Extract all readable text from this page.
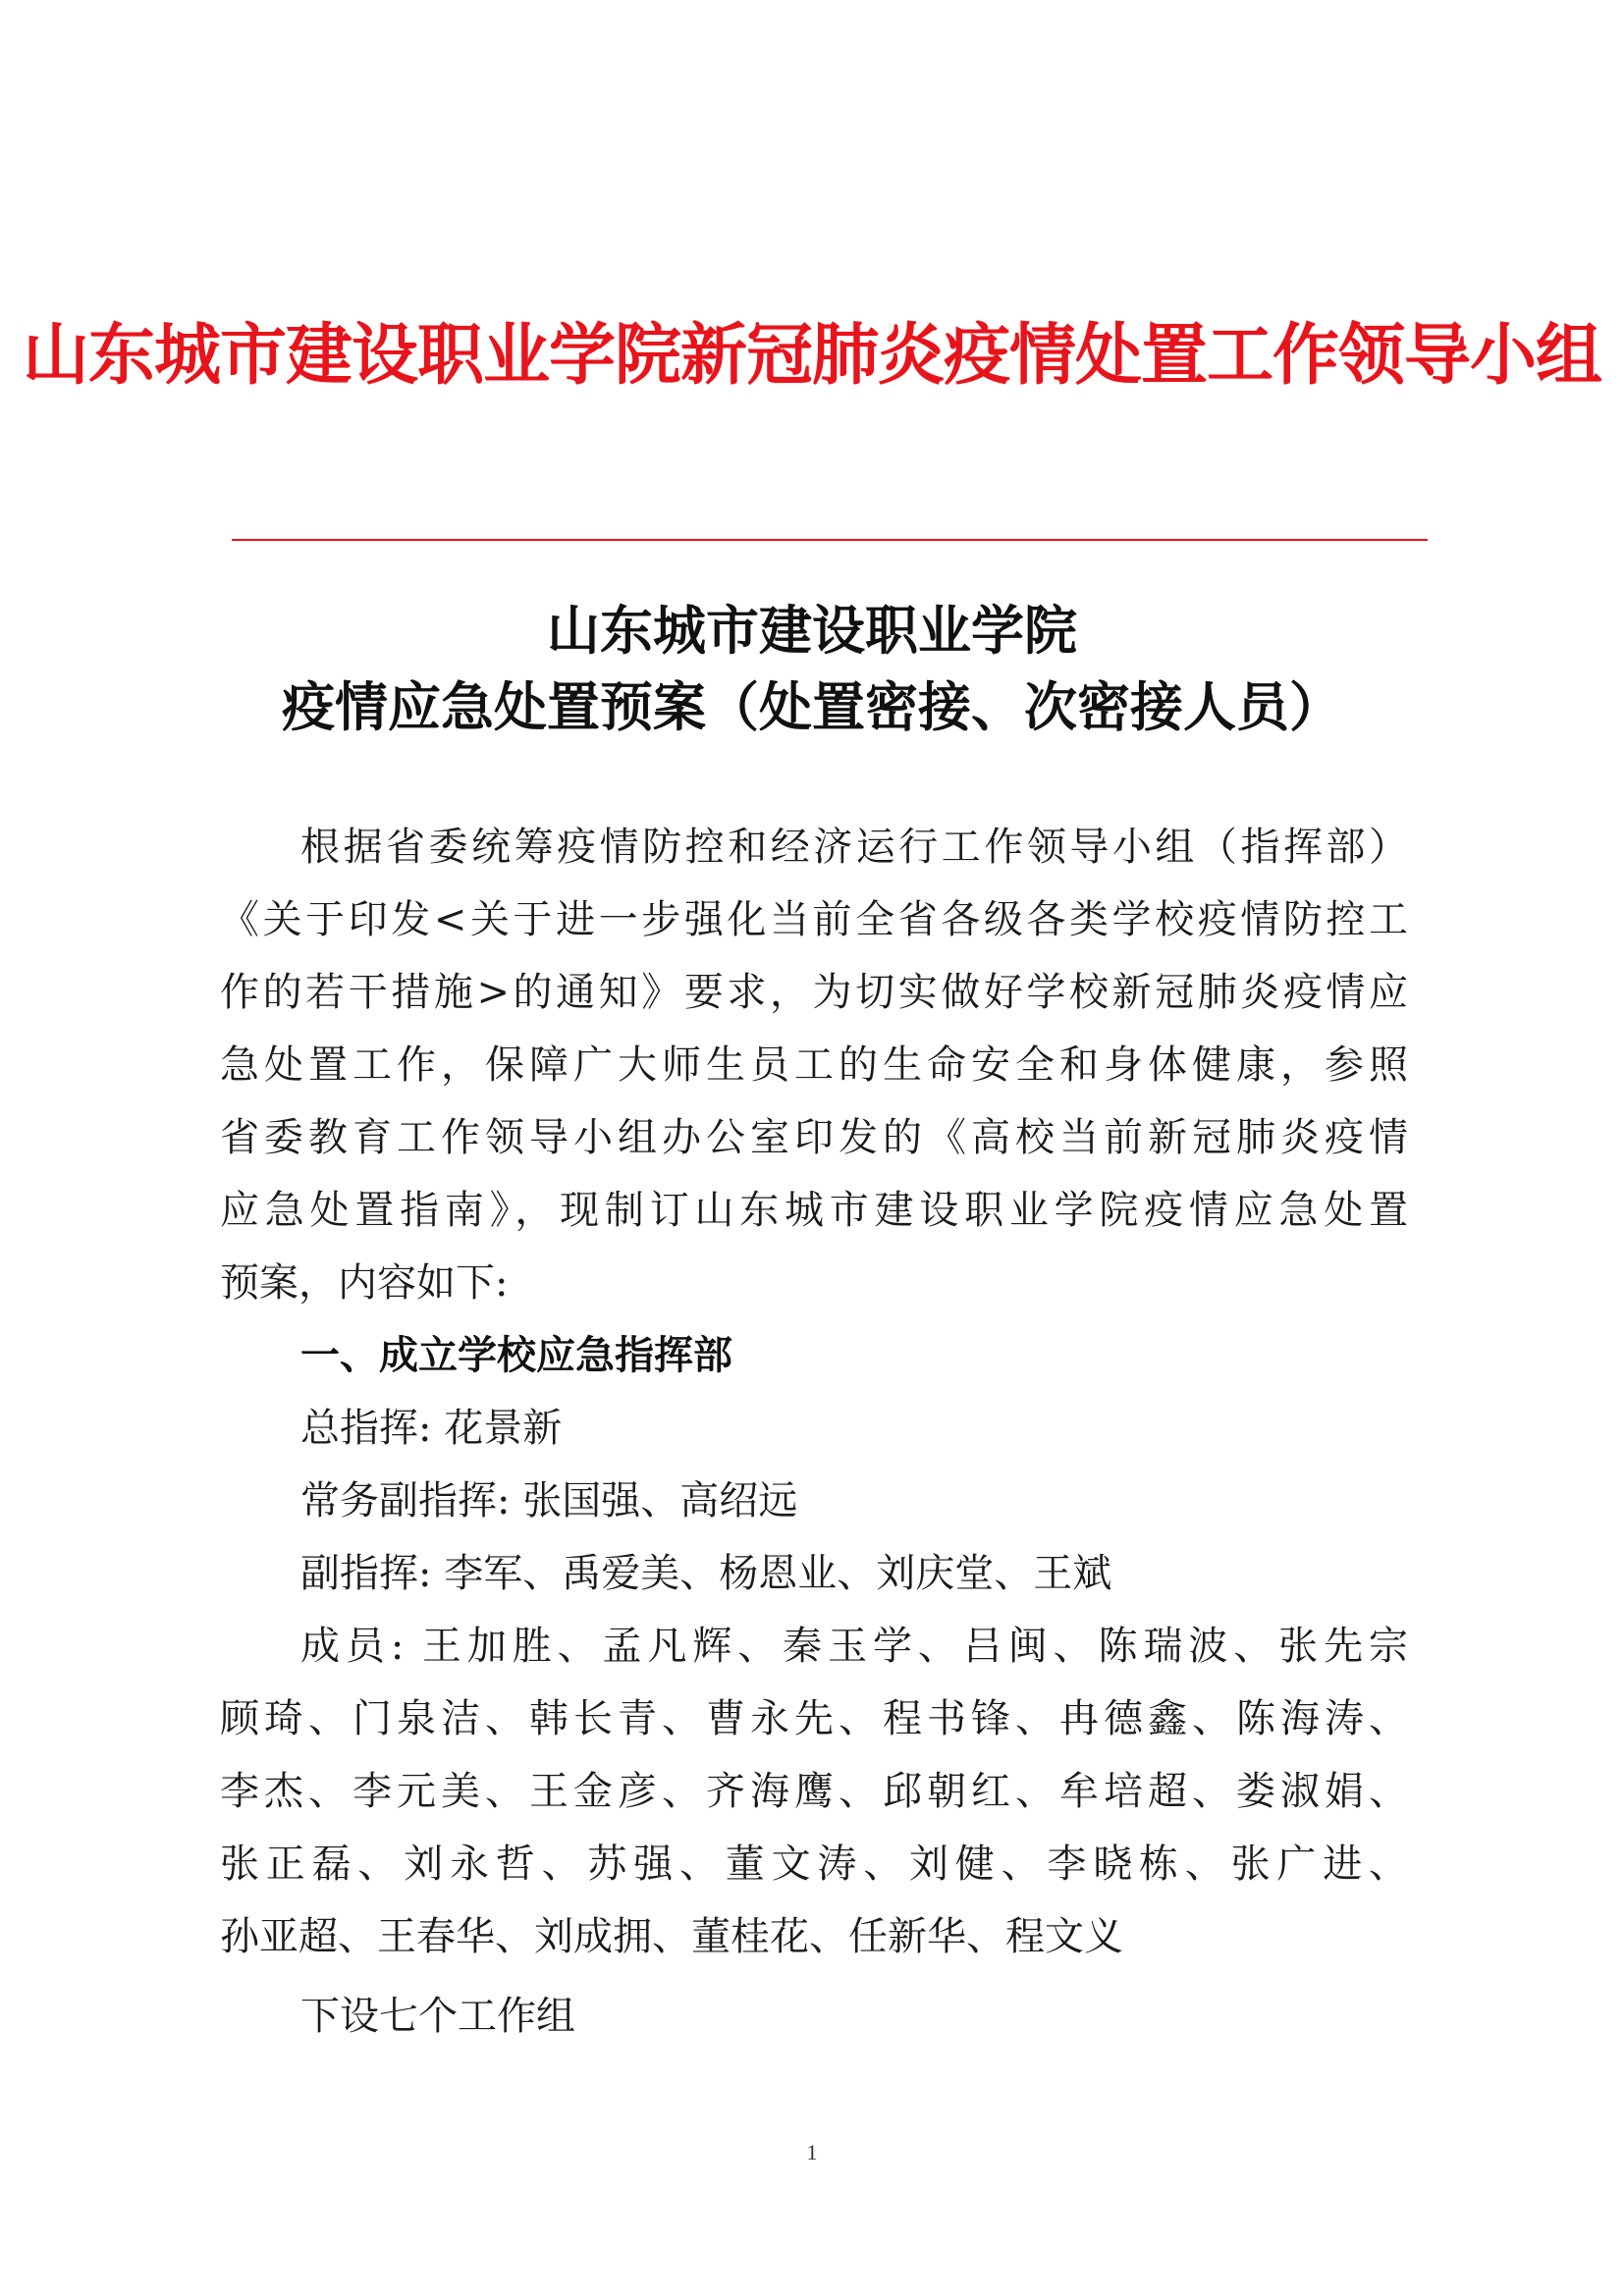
山东城市建设职业学院新冠肺炎疫情处置工作领导小组
山东城市建设职业学院
疫情应急处置预案（处置密接、次密接人员）
根据省委统筹疫情防控和经济运行工作领导小组（指挥部）
《关于印发<关于进一步强化当前全省各级各类学校疫情防控工
作的若干措施>的通知》要求，为切实做好学校新冠肺炎疫情应
急处置工作，保障广大师生员工的生命安全和身体健康，参照
省委教育工作领导小组办公室印发的《高校当前新冠肺炎疫情
应急处置指南》，现制订山东城市建设职业学院疫情应急处置
预案，内容如下:
一、成立学校应急指挥部
总指挥: 花景新
常务副指挥: 张国强、高绍远
副指挥: 李军、禹爱美、杨恩业、刘庆堂、王斌
成员: 王加胜、孟凡辉、秦玉学、吕闽、陈瑞波、张先宗
顾琦、门泉洁、韩长青、曹永先、程书锋、冉德鑫、陈海涛、
李杰、李元美、王金彦、齐海鹰、邱朝红、牟培超、娄淑娟、
张正磊、刘永哲、苏强、董文涛、刘健、李晓栋、张广进、
孙亚超、王春华、刘成拥、董桂花、任新华、程文义
下设七个工作组
1
